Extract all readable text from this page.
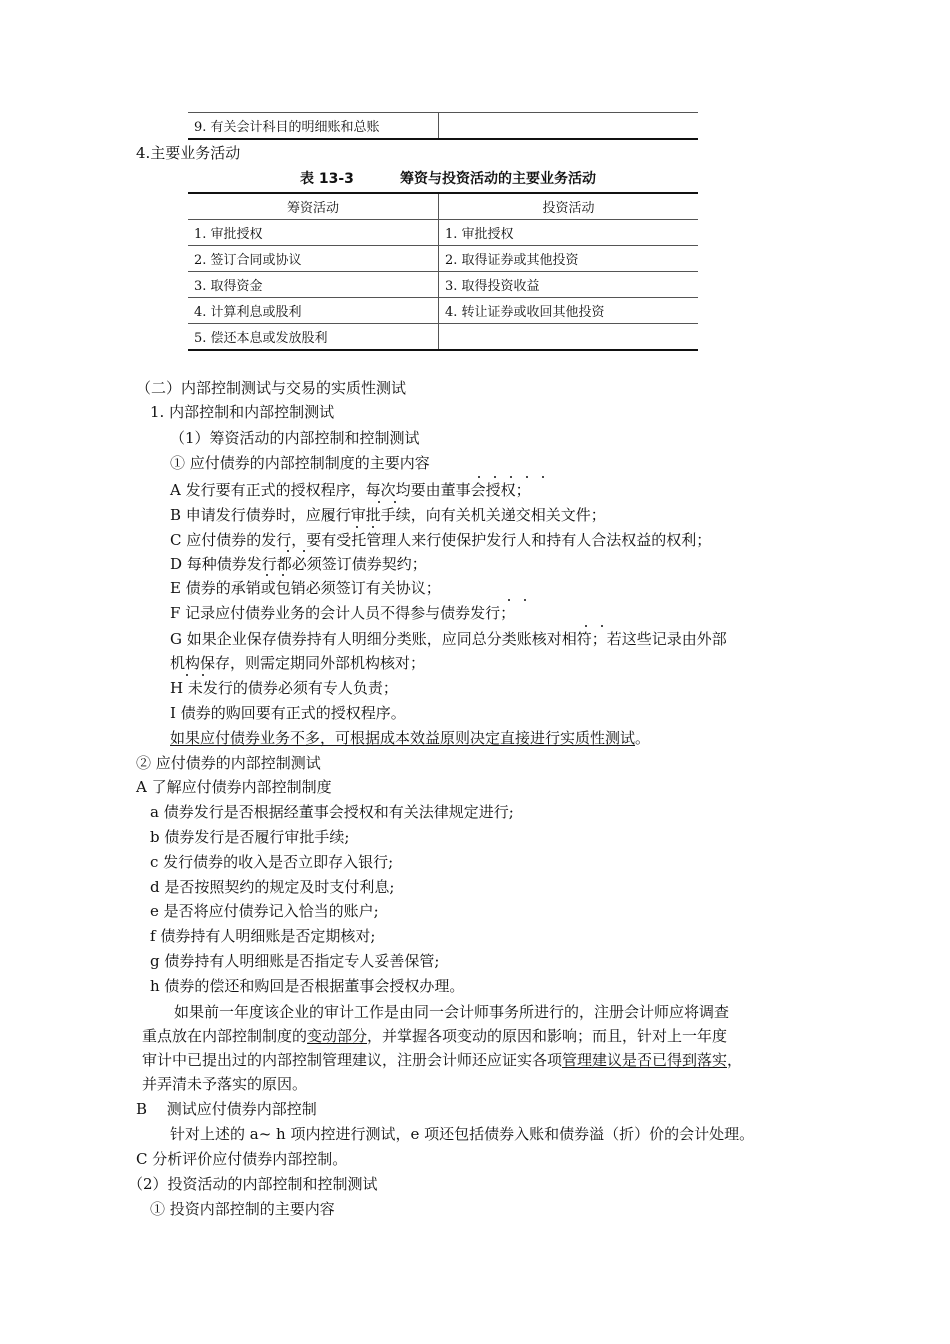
9. 有关会计科目的明细账和总账	
4.主要业务活动
表 13-3	筹资与投资活动的主要业务活动
筹资活动	投资活动
1. 审批授权	1. 审批授权
2. 签订合同或协议	2. 取得证券或其他投资
3. 取得资金	3. 取得投资收益
4. 计算利息或股利	4. 转让证券或收回其他投资
5. 偿还本息或发放股利	
（二）内部控制测试与交易的实质性测试
1. 内部控制和内部控制测试
（1）筹资活动的内部控制和控制测试
① 应付债券的内部控制制度的主要内容
A 发行要有正式的授权程序，每次均要由董事会授权；
B 申请发行债券时，应履行审批手续，向有关机关递交相关文件；
C 应付债券的发行，要有受托管理人来行使保护发行人和持有人合法权益的权利；
D 每种债券发行都必须签订债券契约；
E 债券的承销或包销必须签订有关协议；
F 记录应付债券业务的会计人员不得参与债券发行；
G 如果企业保存债券持有人明细分类账，应同总分类账核对相符；若这些记录由外部
机构保存，则需定期同外部机构核对；
H 未发行的债券必须有专人负责；
I 债券的购回要有正式的授权程序。
如果应付债券业务不多，可根据成本效益原则决定直接进行实质性测试。
② 应付债券的内部控制测试
A 了解应付债券内部控制制度
a 债券发行是否根据经董事会授权和有关法律规定进行;
b 债券发行是否履行审批手续;
c 发行债券的收入是否立即存入银行;
d 是否按照契约的规定及时支付利息;
e 是否将应付债券记入恰当的账户;
f 债券持有人明细账是否定期核对;
g 债券持有人明细账是否指定专人妥善保管;
h 债券的偿还和购回是否根据董事会授权办理。
如果前一年度该企业的审计工作是由同一会计师事务所进行的，注册会计师应将调查
重点放在内部控制制度的变动部分，并掌握各项变动的原因和影响；而且，针对上一年度
审计中已提出过的内部控制管理建议，注册会计师还应证实各项管理建议是否已得到落实，
并弄清未予落实的原因。
B　 测试应付债券内部控制
针对上述的 a~ h 项内控进行测试，e 项还包括债券入账和债券溢（折）价的会计处理。
C 分析评价应付债券内部控制。
（2）投资活动的内部控制和控制测试
① 投资内部控制的主要内容
